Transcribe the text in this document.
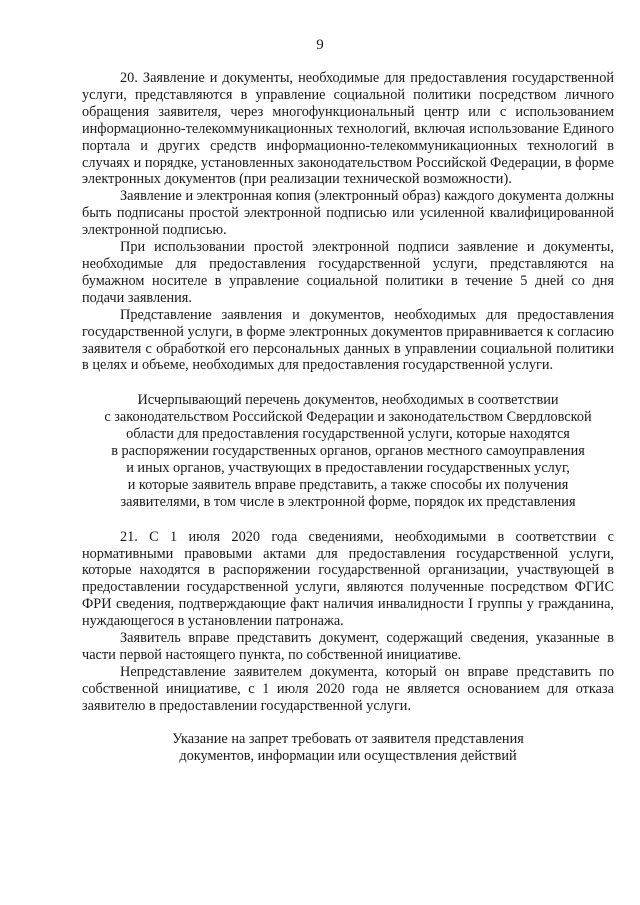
9

20. Заявление и документы, необходимые для предоставления государственной услуги, представляются в управление социальной политики посредством личного обращения заявителя, через многофункциональный центр или с использованием информационно-телекоммуникационных технологий, включая использование Единого портала и других средств информационно-телекоммуникационных технологий в случаях и порядке, установленных законодательством Российской Федерации, в форме электронных документов (при реализации технической возможности).

Заявление и электронная копия (электронный образ) каждого документа должны быть подписаны простой электронной подписью или усиленной квалифицированной электронной подписью.

При использовании простой электронной подписи заявление и документы, необходимые для предоставления государственной услуги, представляются на бумажном носителе в управление социальной политики в течение 5 дней со дня подачи заявления.

Представление заявления и документов, необходимых для предоставления государственной услуги, в форме электронных документов приравнивается к согласию заявителя с обработкой его персональных данных в управлении социальной политики в целях и объеме, необходимых для предоставления государственной услуги.

Исчерпывающий перечень документов, необходимых в соответствии
с законодательством Российской Федерации и законодательством Свердловской
области для предоставления государственной услуги, которые находятся
в распоряжении государственных органов, органов местного самоуправления
и иных органов, участвующих в предоставлении государственных услуг,
и которые заявитель вправе представить, а также способы их получения
заявителями, в том числе в электронной форме, порядок их представления

21. С 1 июля 2020 года сведениями, необходимыми в соответствии с нормативными правовыми актами для предоставления государственной услуги, которые находятся в распоряжении государственной организации, участвующей в предоставлении государственной услуги, являются полученные посредством ФГИС ФРИ сведения, подтверждающие факт наличия инвалидности I группы у гражданина, нуждающегося в установлении патронажа.

Заявитель вправе представить документ, содержащий сведения, указанные в части первой настоящего пункта, по собственной инициативе.

Непредставление заявителем документа, который он вправе представить по собственной инициативе, с 1 июля 2020 года не является основанием для отказа заявителю в предоставлении государственной услуги.

Указание на запрет требовать от заявителя представления
документов, информации или осуществления действий
